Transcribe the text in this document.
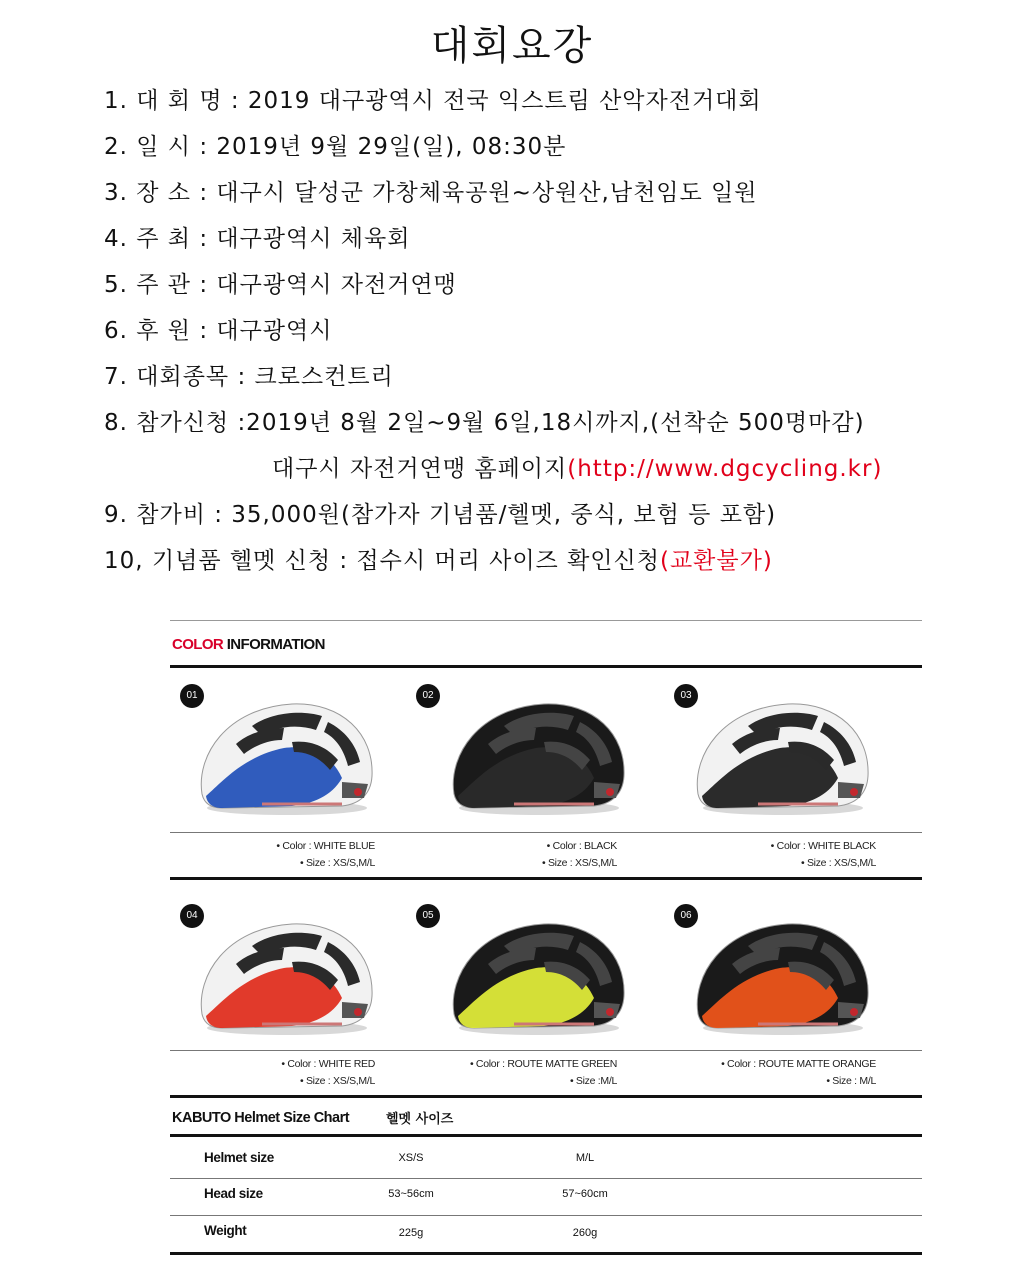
대회요강
1. 대 회 명 : 2019 대구광역시 전국 익스트림 산악자전거대회
2. 일 시 : 2019년 9월 29일(일), 08:30분
3. 장 소 : 대구시 달성군 가창체육공원~상원산,남천임도 일원
4. 주 최 : 대구광역시 체육회
5. 주 관 : 대구광역시 자전거연맹
6. 후 원 : 대구광역시
7. 대회종목 : 크로스컨트리
8. 참가신청 :2019년 8월 2일~9월 6일,18시까지,(선착순 500명마감)
대구시 자전거연맹 홈페이지(http://www.dgcycling.kr)
9. 참가비 : 35,000원(참가자 기념품/헬멧, 중식, 보험 등 포함)
10, 기념품 헬멧 신청 : 접수시 머리 사이즈 확인신청(교환불가)
COLOR INFORMATION
01	02	03
• Color : WHITE BLUE
• Size : XS/S,M/L
• Color : BLACK
• Size : XS/S,M/L
• Color : WHITE BLACK
• Size : XS/S,M/L
04	05	06
• Color : WHITE RED
• Size : XS/S,M/L
• Color : ROUTE MATTE GREEN
• Size :M/L
• Color : ROUTE MATTE ORANGE
• Size : M/L
KABUTO Helmet Size Chart	헬멧 사이즈
Helmet size	XS/S	M/L
Head size	53~56cm	57~60cm
Weight	225g	260g
